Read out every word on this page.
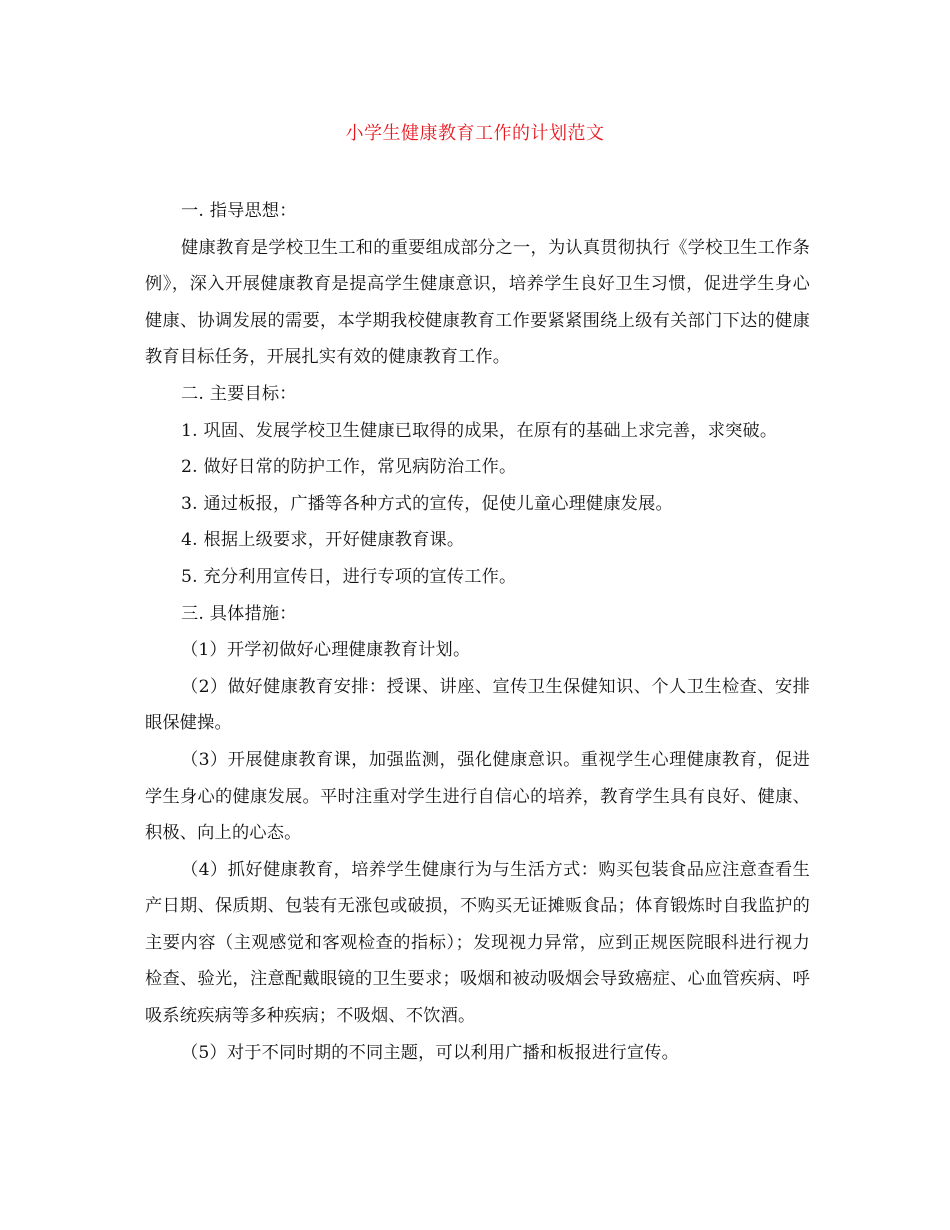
小学生健康教育工作的计划范文

一. 指导思想：

健康教育是学校卫生工和的重要组成部分之一，为认真贯彻执行《学校卫生工作条例》，深入开展健康教育是提高学生健康意识，培养学生良好卫生习惯，促进学生身心健康、协调发展的需要，本学期我校健康教育工作要紧紧围绕上级有关部门下达的健康教育目标任务，开展扎实有效的健康教育工作。

二. 主要目标：

1. 巩固、发展学校卫生健康已取得的成果，在原有的基础上求完善，求突破。

2. 做好日常的防护工作，常见病防治工作。

3. 通过板报，广播等各种方式的宣传，促使儿童心理健康发展。

4. 根据上级要求，开好健康教育课。

5. 充分利用宣传日，进行专项的宣传工作。

三. 具体措施：

（1）开学初做好心理健康教育计划。

（2）做好健康教育安排：授课、讲座、宣传卫生保健知识、个人卫生检查、安排眼保健操。

（3）开展健康教育课，加强监测，强化健康意识。重视学生心理健康教育，促进学生身心的健康发展。平时注重对学生进行自信心的培养，教育学生具有良好、健康、积极、向上的心态。

（4）抓好健康教育，培养学生健康行为与生活方式：购买包装食品应注意查看生产日期、保质期、包装有无涨包或破损，不购买无证摊贩食品；体育锻炼时自我监护的主要内容（主观感觉和客观检查的指标）；发现视力异常，应到正规医院眼科进行视力检查、验光，注意配戴眼镜的卫生要求；吸烟和被动吸烟会导致癌症、心血管疾病、呼吸系统疾病等多种疾病；不吸烟、不饮酒。

（5）对于不同时期的不同主题，可以利用广播和板报进行宣传。
